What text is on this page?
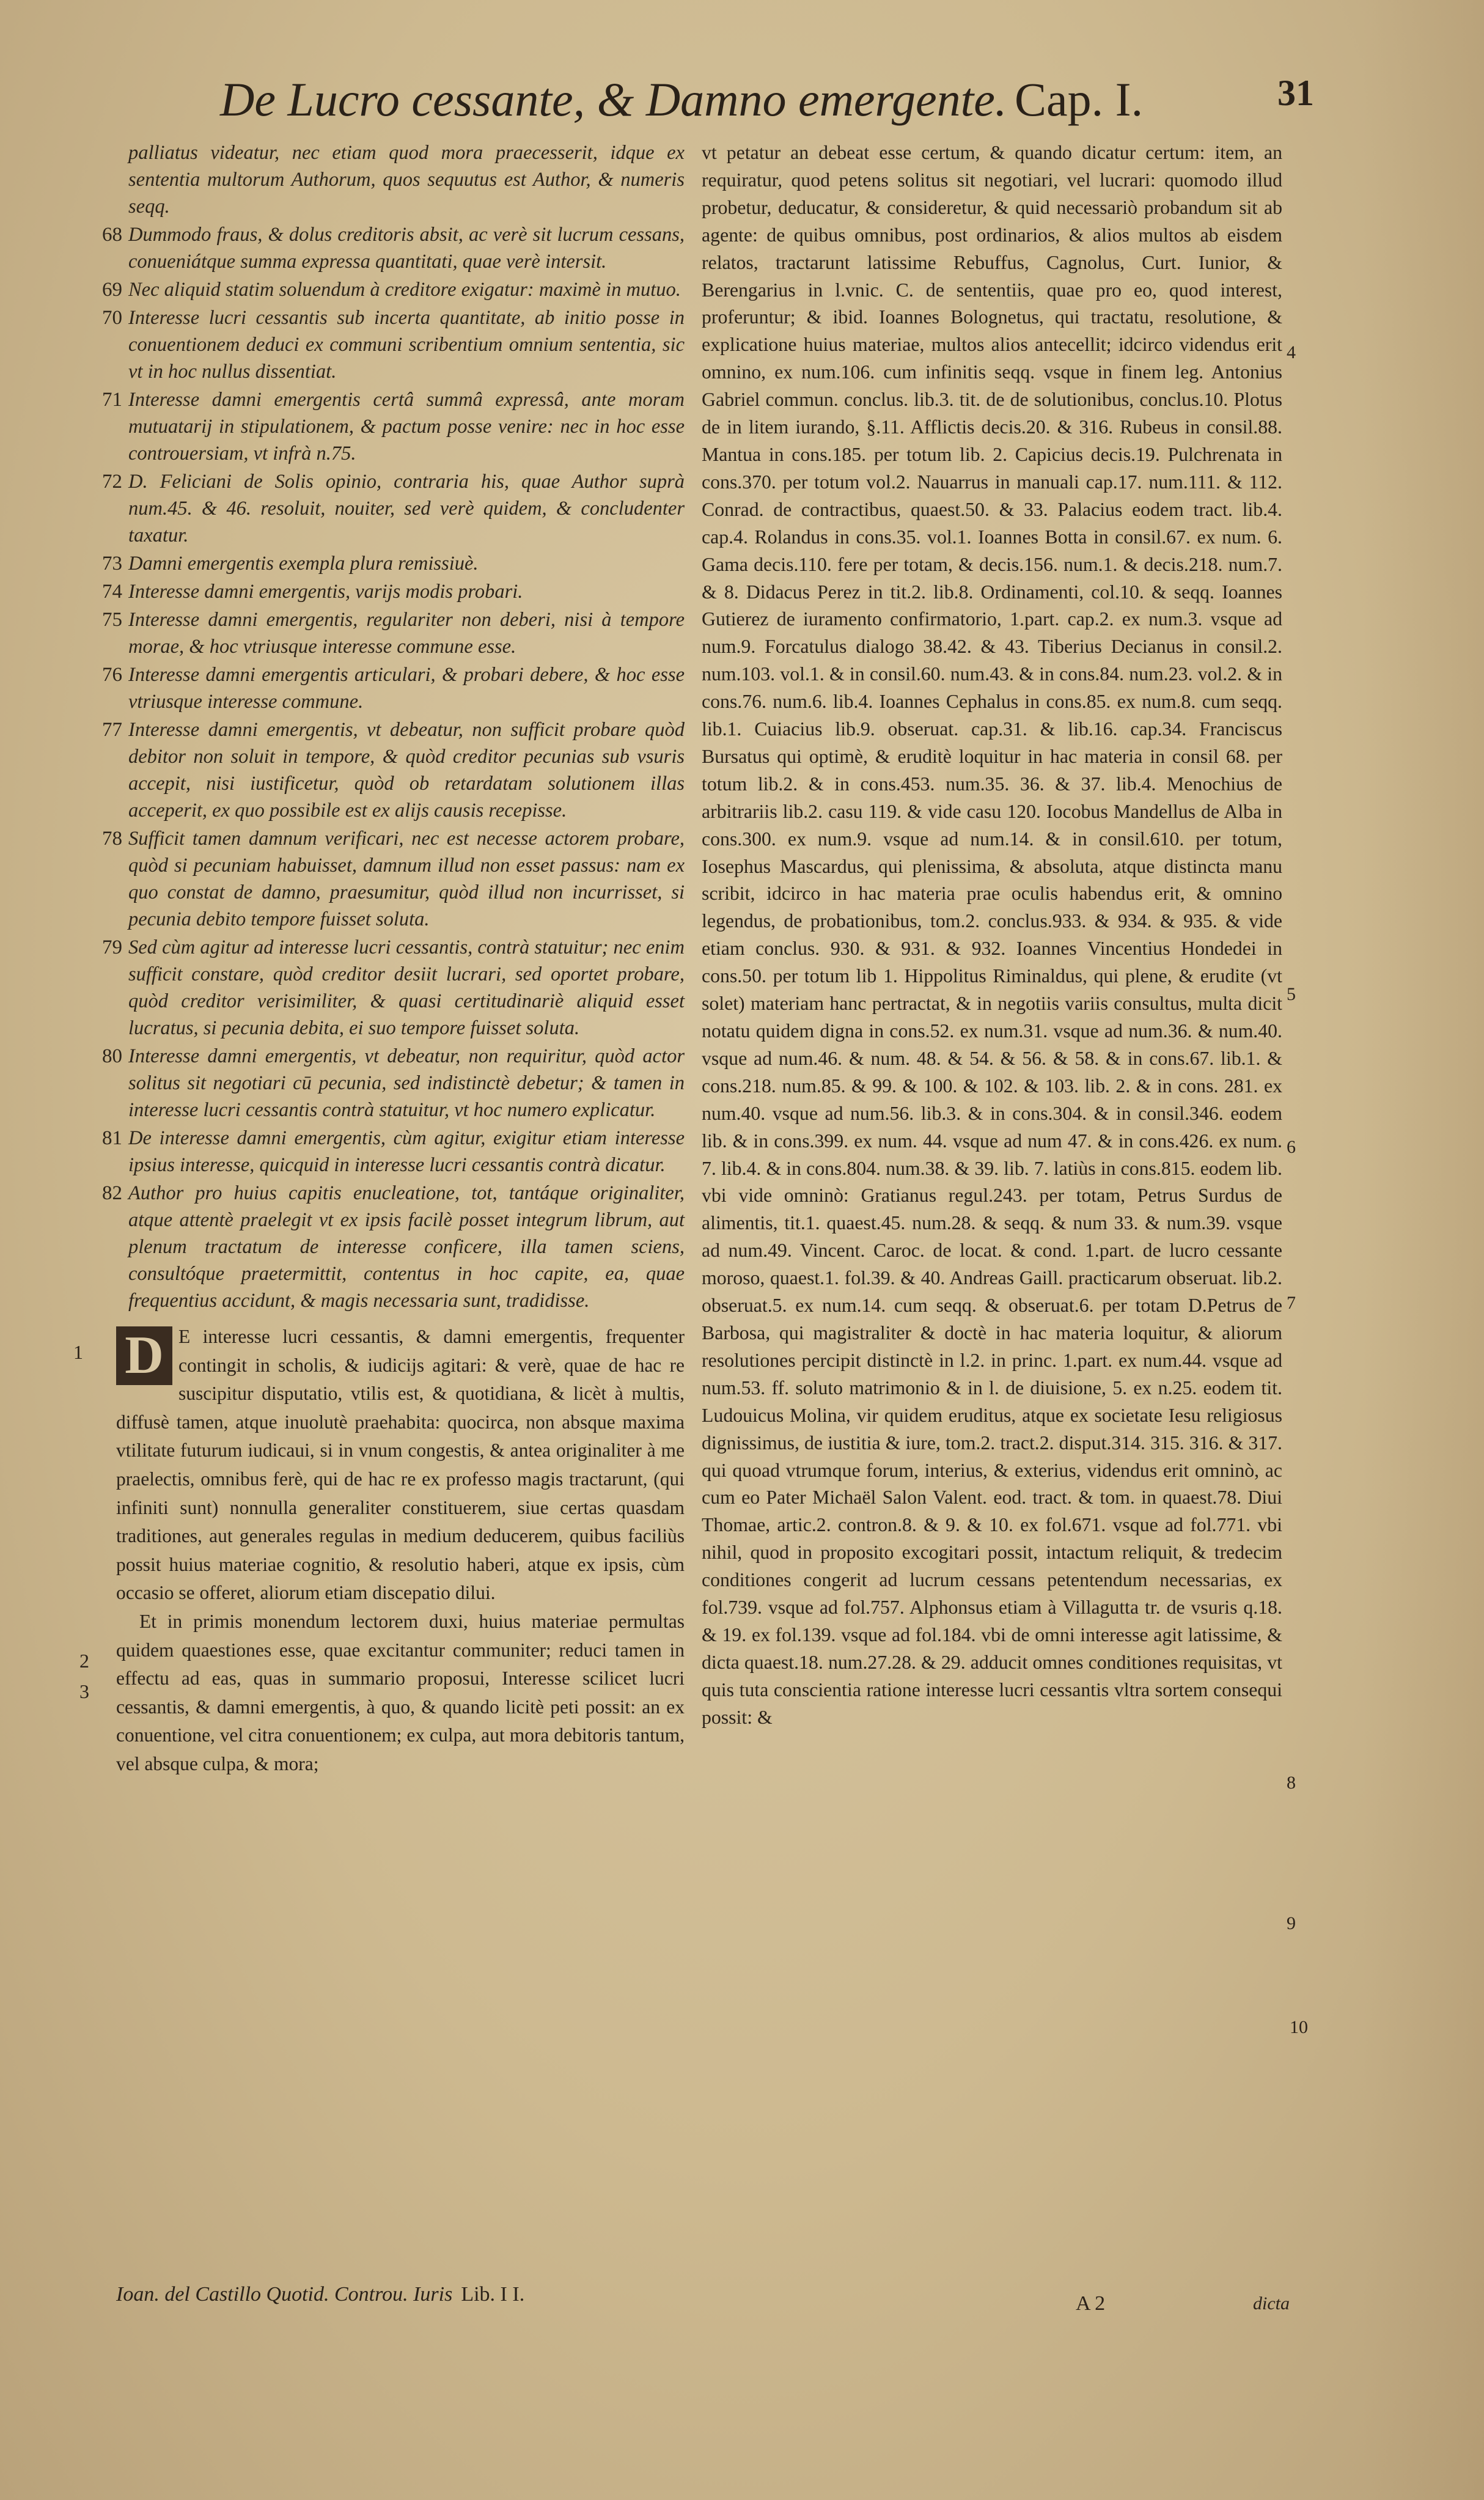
De Lucro cessante, & Damno emergente. Cap. I.	31
palliatus videatur, nec etiam quod mora praecesserit, idque ex sententia multorum Authorum, quos sequutus est Author, & numeris seqq.
68 Dummodo fraus, & dolus creditoris absit, ac verè sit lucrum cessans, conueniátque summa expressa quantitati, quae verè intersit.
69 Nec aliquid statim soluendum à creditore exigatur: maximè in mutuo.
70 Interesse lucri cessantis sub incerta quantitate, ab initio posse in conuentionem deduci ex communi scribentium omnium sententia, sic vt in hoc nullus dissentiat.
71 Interesse damni emergentis certâ summâ expressâ, ante moram mutuatarij in stipulationem, & pactum posse venire: nec in hoc esse controuersiam, vt infrà n.75.
72 D. Feliciani de Solis opinio, contraria his, quae Author suprà num.45. & 46. resoluit, nouiter, sed verè quidem, & concludenter taxatur.
73 Damni emergentis exempla plura remissiuè.
74 Interesse damni emergentis, varijs modis probari.
75 Interesse damni emergentis, regulariter non deberi, nisi à tempore morae, & hoc vtriusque interesse commune esse.
76 Interesse damni emergentis articulari, & probari debere, & hoc esse vtriusque interesse commune.
77 Interesse damni emergentis, vt debeatur, non sufficit probare quòd debitor non soluit in tempore, & quòd creditor pecunias sub vsuris accepit, nisi iustificetur, quòd ob retardatam solutionem illas acceperit, ex quo possibile est ex alijs causis recepisse.
78 Sufficit tamen damnum verificari, nec est necesse actorem probare, quòd si pecuniam habuisset, damnum illud non esset passus: nam ex quo constat de damno, praesumitur, quòd illud non incurrisset, si pecunia debito tempore fuisset soluta.
79 Sed cùm agitur ad interesse lucri cessantis, contrà statuitur; nec enim sufficit constare, quòd creditor desiit lucrari, sed oportet probare, quòd creditor verisimiliter, & quasi certitudinariè aliquid esset lucratus, si pecunia debita, ei suo tempore fuisset soluta.
80 Interesse damni emergentis, vt debeatur, non requiritur, quòd actor solitus sit negotiari cū pecunia, sed indistinctè debetur; & tamen in interesse lucri cessantis contrà statuitur, vt hoc numero explicatur.
81 De interesse damni emergentis, cùm agitur, exigitur etiam interesse ipsius interesse, quicquid in interesse lucri cessantis contrà dicatur.
82 Author pro huius capitis enucleatione, tot, tantáque originaliter, atque attentè praelegit vt ex ipsis facilè posset integrum librum, aut plenum tractatum de interesse conficere, illa tamen sciens, consultóque praetermittit, contentus in hoc capite, ea, quae frequentius accidunt, & magis necessaria sunt, tradidisse.
1
2
3
D E interesse lucri cessantis, & damni emergentis, frequenter contingit in scholis, & iudicijs agitari: & verè, quae de hac re suscipitur disputatio, vtilis est, & quotidiana, & licèt à multis, diffusè tamen, atque inuolutè praehabita: quocirca, non absque maxima vtilitate futurum iudicaui, si in vnum congestis, & antea originaliter à me praelectis, omnibus ferè, qui de hac re ex professo magis tractarunt, (qui infiniti sunt) nonnulla generaliter constituerem, siue certas quasdam traditiones, aut generales regulas in medium deducerem, quibus faciliùs possit huius materiae cognitio, & resolutio haberi, atque ex ipsis, cùm occasio se offeret, aliorum etiam discepatio dilui.
Et in primis monendum lectorem duxi, huius materiae permultas quidem quaestiones esse, quae excitantur communiter; reduci tamen in effectu ad eas, quas in summario proposui, Interesse scilicet lucri cessantis, & damni emergentis, à quo, & quando licitè peti possit: an ex conuentione, vel citra conuentionem; ex culpa, aut mora debitoris tantum, vel absque culpa, & mora;
Ioan. del Castillo Quotid. Controu. Iuris Lib. I I.
vt petatur an debeat esse certum, & quando dicatur certum: item, an requiratur, quod petens solitus sit negotiari, vel lucrari: quomodo illud probetur, deducatur, & consideretur, & quid necessariò probandum sit ab agente: de quibus omnibus, post ordinarios, & alios multos ab eisdem relatos, tractarunt latissime Rebuffus, Cagnolus, Curt. Iunior, & Berengarius in l.vnic. C. de sententiis, quae pro eo, quod interest, proferuntur; & ibid. Ioannes Bolognetus, qui tractatu, resolutione, & explicatione huius materiae, multos alios antecellit; idcirco videndus erit omnino, ex num.106. cum infinitis seqq. vsque in finem leg. Antonius Gabriel commun. conclus. lib.3. tit. de de solutionibus, conclus.10. Plotus de in litem iurando, §.11. Afflictis decis.20. & 316. Rubeus in consil.88. Mantua in cons.185. per totum lib. 2. Capicius decis.19. Pulchrenata in cons.370. per totum vol.2. Nauarrus in manuali cap.17. num.111. & 112. Conrad. de contractibus, quaest.50. & 33. Palacius eodem tract. lib.4. cap.4. Rolandus in cons.35. vol.1. Ioannes Botta in consil.67. ex num. 6. Gama decis.110. fere per totam, & decis.156. num.1. & decis.218. num.7. & 8. Didacus Perez in tit.2. lib.8. Ordinamenti, col.10. & seqq. Ioannes Gutierez de iuramento confirmatorio, 1.part. cap.2. ex num.3. vsque ad num.9. Forcatulus dialogo 38.42. & 43. Tiberius Decianus in consil.2. num.103. vol.1. & in consil.60. num.43. & in cons.84. num.23. vol.2. & in cons.76. num.6. lib.4. Ioannes Cephalus in cons.85. ex num.8. cum seqq. lib.1. Cuiacius lib.9. obseruat. cap.31. & lib.16. cap.34. Franciscus Bursatus qui optimè, & eruditè loquitur in hac materia in consil 68. per totum lib.2. & in cons.453. num.35. 36. & 37. lib.4. Menochius de arbitrariis lib.2. casu 119. & vide casu 120. Iocobus Mandellus de Alba in cons.300. ex num.9. vsque ad num.14. & in consil.610. per totum, Iosephus Mascardus, qui plenissima, & absoluta, atque distincta manu scribit, idcirco in hac materia prae oculis habendus erit, & omnino legendus, de probationibus, tom.2. conclus.933. & 934. & 935. & vide etiam conclus. 930. & 931. & 932. Ioannes Vincentius Hondedei in cons.50. per totum lib 1. Hippolitus Riminaldus, qui plene, & erudite (vt solet) materiam hanc pertractat, & in negotiis variis consultus, multa dicit notatu quidem digna in cons.52. ex num.31. vsque ad num.36. & num.40. vsque ad num.46. & num. 48. & 54. & 56. & 58. & in cons.67. lib.1. & cons.218. num.85. & 99. & 100. & 102. & 103. lib. 2. & in cons. 281. ex num.40. vsque ad num.56. lib.3. & in cons.304. & in consil.346. eodem lib. & in cons.399. ex num. 44. vsque ad num 47. & in cons.426. ex num. 7. lib.4. & in cons.804. num.38. & 39. lib. 7. latiùs in cons.815. eodem lib. vbi vide omninò: Gratianus regul.243. per totam, Petrus Surdus de alimentis, tit.1. quaest.45. num.28. & seqq. & num 33. & num.39. vsque ad num.49. Vincent. Caroc. de locat. & cond. 1.part. de lucro cessante moroso, quaest.1. fol.39. & 40. Andreas Gaill. practicarum obseruat. lib.2. obseruat.5. ex num.14. cum seqq. & obseruat.6. per totam D.Petrus de Barbosa, qui magistraliter & doctè in hac materia loquitur, & aliorum resolutiones percipit distinctè in l.2. in princ. 1.part. ex num.44. vsque ad num.53. ff. soluto matrimonio & in l. de diuisione, 5. ex n.25. eodem tit. Ludouicus Molina, vir quidem eruditus, atque ex societate Iesu religiosus dignissimus, de iustitia & iure, tom.2. tract.2. disput.314. 315. 316. & 317. qui quoad vtrumque forum, interius, & exterius, videndus erit omninò, ac cum eo Pater Michaël Salon Valent. eod. tract. & tom. in quaest.78. Diui Thomae, artic.2. contron.8. & 9. & 10. ex fol.671. vsque ad fol.771. vbi nihil, quod in proposito excogitari possit, intactum reliquit, & tredecim conditiones congerit ad lucrum cessans petentendum necessarias, ex fol.739. vsque ad fol.757. Alphonsus etiam à Villagutta tr. de vsuris q.18. & 19. ex fol.139. vsque ad fol.184. vbi de omni interesse agit latissime, & dicta quaest.18. num.27.28. & 29. adducit omnes conditiones requisitas, vt quis tuta conscientia ratione interesse lucri cessantis vltra sortem consequi possit: &
4
5
6
7
8
9
10
A 2	dicta
